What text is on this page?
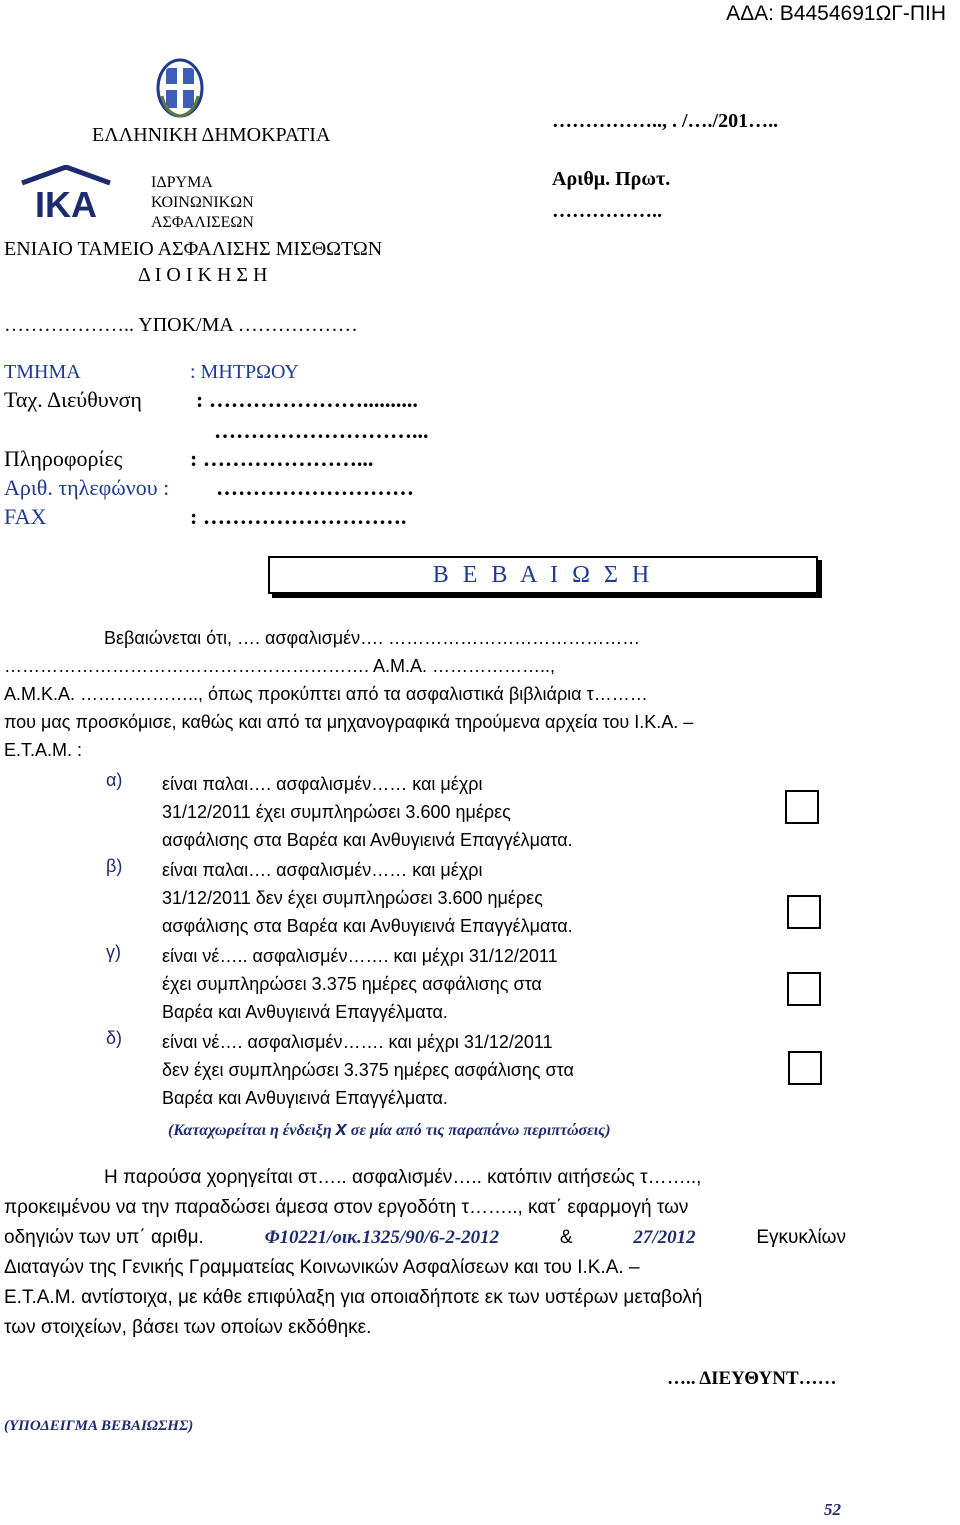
ΑΔΑ: Β4454691ΩΓ-ΠΙΗ
ΕΛΛΗΝΙΚΗ ΔΗΜΟΚΡΑΤΙΑ
IKA
ΙΔΡΥΜΑ
ΚΟΙΝΩΝΙΚΩΝ
ΑΣΦΑΛΙΣΕΩΝ
ΕΝΙΑΙΟ ΤΑΜΕΙΟ ΑΣΦΑΛΙΣΗΣ ΜΙΣΘΩΤΩΝ
Δ Ι Ο Ι Κ Η Σ Η
…………….., . /…./201…..
Αριθμ. Πρωτ.
……………..
……………….. ΥΠΟΚ/ΜΑ ………………
ΤΜΗΜΑ	: ΜΗΤΡΩΟΥ
Ταχ. Διεύθυνση : …………………..........
………………………...
Πληροφορίες	: …………………...
Αριθ. τηλεφώνου : ………………………
FAX	: ……………………….
Β Ε Β Α Ι Ω Σ Η
Βεβαιώνεται ότι, …. ασφαλισμέν…. ……………………………………
……………………………………………………. Α.Μ.Α. ………………..,
Α.Μ.Κ.Α. ……………….., όπως προκύπτει από τα ασφαλιστικά βιβλιάρια τ………
που μας προσκόμισε, καθώς και από τα μηχανογραφικά τηρούμενα αρχεία του Ι.Κ.Α. –
Ε.Τ.Α.Μ. :
α) είναι παλαι…. ασφαλισμέν…… και μέχρι
31/12/2011 έχει συμπληρώσει 3.600 ημέρες
ασφάλισης στα Βαρέα και Ανθυγιεινά Επαγγέλματα.
β) είναι παλαι…. ασφαλισμέν…… και μέχρι
31/12/2011 δεν έχει συμπληρώσει 3.600 ημέρες
ασφάλισης στα Βαρέα και Ανθυγιεινά Επαγγέλματα.
γ) είναι νέ….. ασφαλισμέν……. και μέχρι 31/12/2011
έχει συμπληρώσει 3.375 ημέρες ασφάλισης στα
Βαρέα και Ανθυγιεινά Επαγγέλματα.
δ) είναι νέ…. ασφαλισμέν……. και μέχρι 31/12/2011
δεν έχει συμπληρώσει 3.375 ημέρες ασφάλισης στα
Βαρέα και Ανθυγιεινά Επαγγέλματα.
(Καταχωρείται η ένδειξη x σε μία από τις παραπάνω περιπτώσεις)
Η παρούσα χορηγείται στ….. ασφαλισμέν….. κατόπιν αιτήσεώς τ……..,
προκειμένου να την παραδώσει άμεσα στον εργοδότη τ…….., κατ΄ εφαρμογή των
οδηγιών των υπ΄ αριθμ.	Φ10221/οικ.1325/90/6-2-2012	&	27/2012	Εγκυκλίων
Διαταγών της Γενικής Γραμματείας Κοινωνικών Ασφαλίσεων και του Ι.Κ.Α. –
Ε.Τ.Α.Μ. αντίστοιχα, με κάθε επιφύλαξη για οποιαδήποτε εκ των υστέρων μεταβολή
των στοιχείων, βάσει των οποίων εκδόθηκε.
….. ΔΙΕΥΘΥΝΤ……
(ΥΠΟΔΕΙΓΜΑ ΒΕΒΑΙΩΣΗΣ)
52
